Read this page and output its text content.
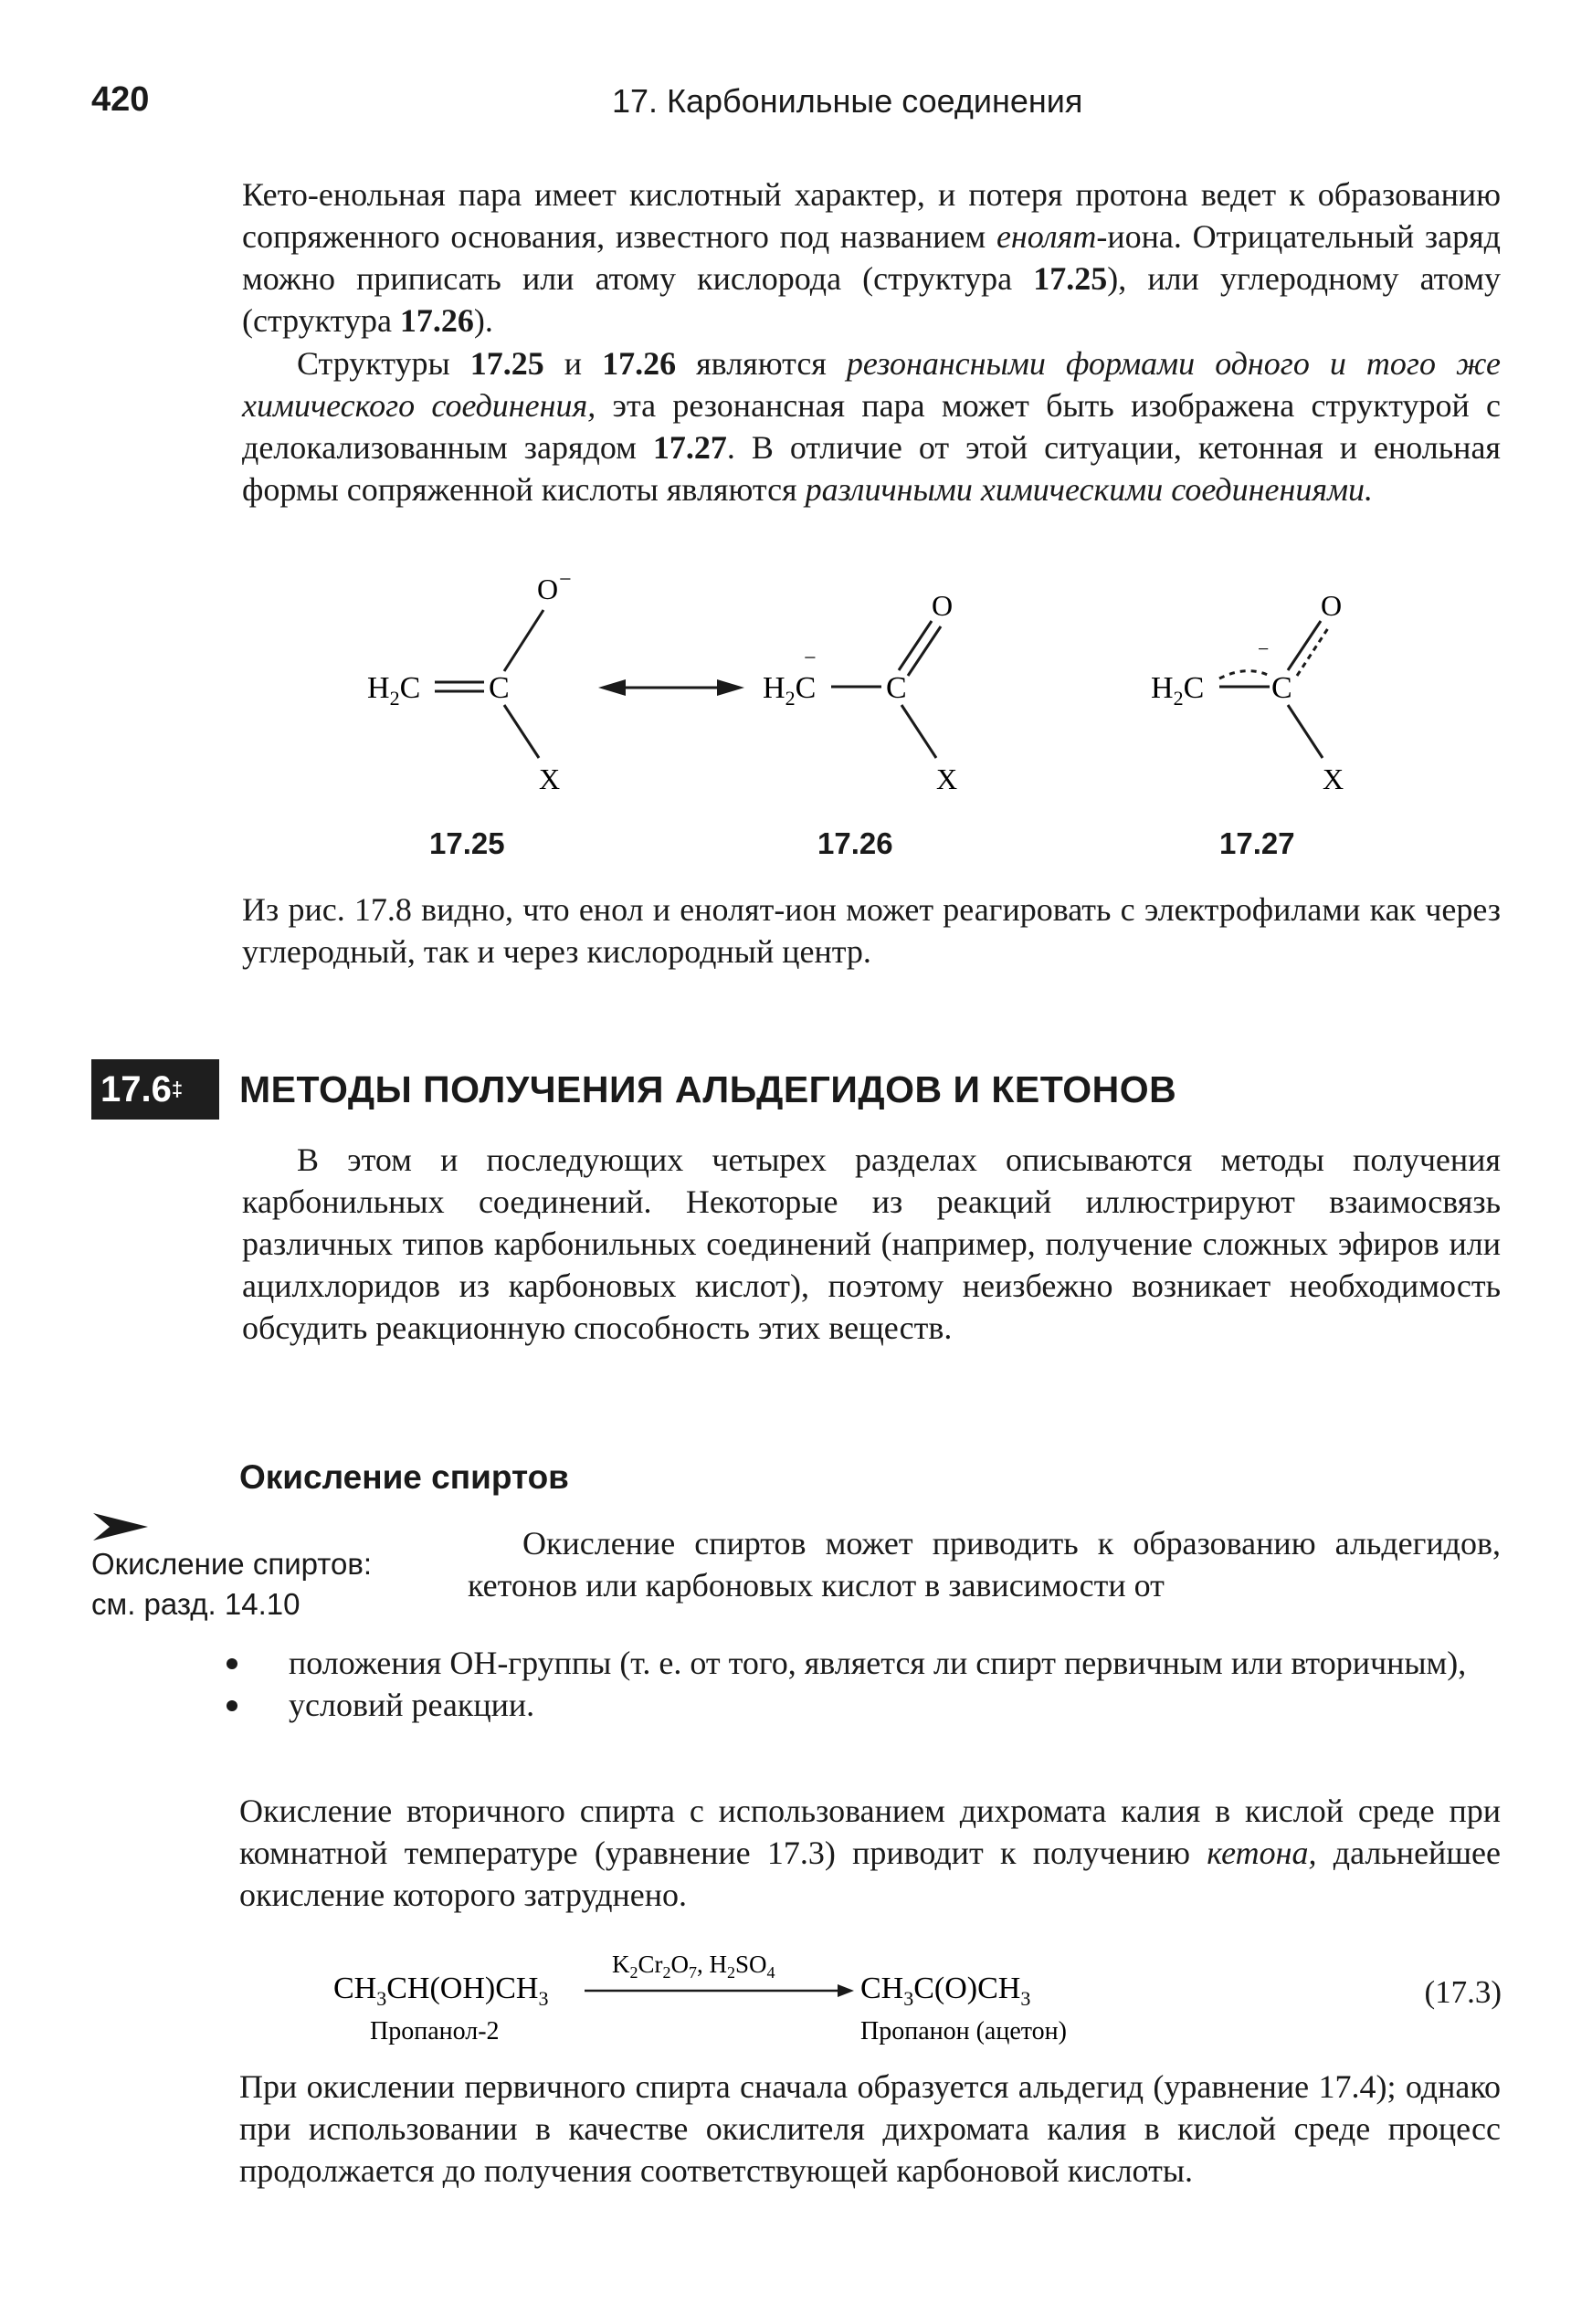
420	17. Карбонильные соединения

Кето-енольная пара имеет кислотный характер, и потеря протона ведет к образованию сопряженного основания, известного под названием енолят-иона. Отрицательный заряд можно приписать или атому кислорода (структура 17.25), или углеродному атому (структура 17.26).

Структуры 17.25 и 17.26 являются резонансными формами одного и того же химического соединения, эта резонансная пара может быть изображена структурой с делокализованным зарядом 17.27. В отличие от этой ситуации, кетонная и енольная формы сопряженной кислоты являются различными химическими соединениями.

$H_2C$ C
O −
X
$H_2C$
−
C
O
X
$H_2C$ C
O
−
X
17.25	17.26	17.27

Из рис. 17.8 видно, что енол и енолят-ион может реагировать с электрофилами как через углеродный, так и через кислородный центр.

17.6‡	МЕТОДЫ ПОЛУЧЕНИЯ АЛЬДЕГИДОВ И КЕТОНОВ

В этом и последующих четырех разделах описываются методы получения карбонильных соединений. Некоторые из реакций иллюстрируют взаимосвязь различных типов карбонильных соединений (например, получение сложных эфиров или ацилхлоридов из карбоновых кислот), поэтому неизбежно возникает необходимость обсудить реакционную способность этих веществ.

Окисление спиртов
Окисление спиртов:
см. разд. 14.10

Окисление спиртов может приводить к образованию альдегидов, кетонов или карбоновых кислот в зависимости от

положения OH-группы (т. е. от того, является ли спирт первичным или вторичным),
условий реакции.

Окисление вторичного спирта с использованием дихромата калия в кислой среде при комнатной температуре (уравнение 17.3) приводит к получению кетона, дальнейшее окисление которого затруднено.

$CH_3CH(OH)CH_3$
$K_2Cr_2O_7$, $H_2SO_4$	$CH_3C(O)CH_3$
Пропанол-2	Пропанон (ацетон)
(17.3)

При окислении первичного спирта сначала образуется альдегид (уравнение 17.4); однако при использовании в качестве окислителя дихромата калия в кислой среде процесс продолжается до получения соответствующей карбоновой кислоты.
